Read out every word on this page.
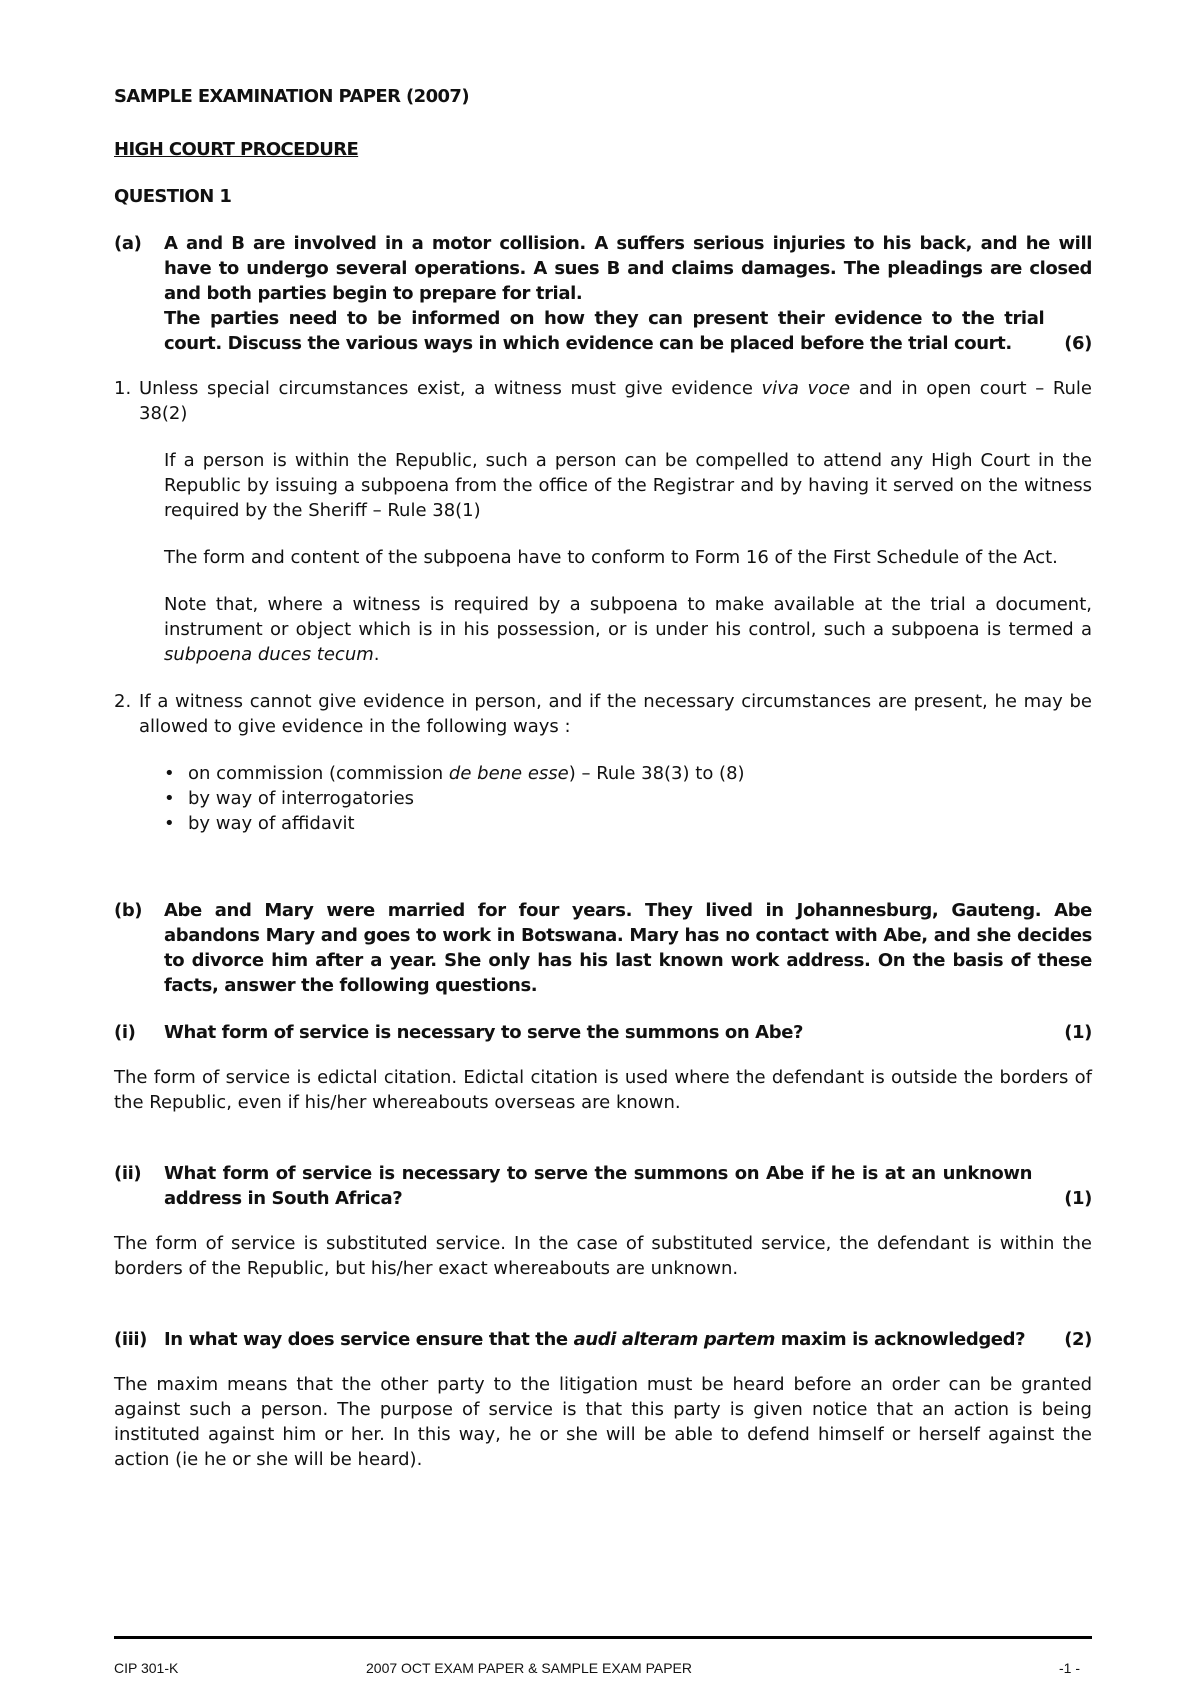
SAMPLE EXAMINATION PAPER (2007)
HIGH COURT PROCEDURE
QUESTION 1
(a)	A and B are involved in a motor collision. A suffers serious injuries to his back, and he will have to undergo several operations. A sues B and claims damages. The pleadings are closed and both parties begin to prepare for trial.
The parties need to be informed on how they can present their evidence to the trial court. Discuss the various ways in which evidence can be placed before the trial court.	(6)
1. Unless special circumstances exist, a witness must give evidence viva voce and in open court – Rule 38(2)
If a person is within the Republic, such a person can be compelled to attend any High Court in the Republic by issuing a subpoena from the office of the Registrar and by having it served on the witness required by the Sheriff – Rule 38(1)
The form and content of the subpoena have to conform to Form 16 of the First Schedule of the Act.
Note that, where a witness is required by a subpoena to make available at the trial a document, instrument or object which is in his possession, or is under his control, such a subpoena is termed a subpoena duces tecum.
2. If a witness cannot give evidence in person, and if the necessary circumstances are present, he may be allowed to give evidence in the following ways :
• on commission (commission de bene esse) – Rule 38(3) to (8)
• by way of interrogatories
• by way of affidavit
(b)	Abe and Mary were married for four years. They lived in Johannesburg, Gauteng. Abe abandons Mary and goes to work in Botswana. Mary has no contact with Abe, and she decides to divorce him after a year. She only has his last known work address. On the basis of these facts, answer the following questions.
(i)	What form of service is necessary to serve the summons on Abe?	(1)
The form of service is edictal citation. Edictal citation is used where the defendant is outside the borders of the Republic, even if his/her whereabouts overseas are known.
(ii)	What form of service is necessary to serve the summons on Abe if he is at an unknown address in South Africa?	(1)
The form of service is substituted service. In the case of substituted service, the defendant is within the borders of the Republic, but his/her exact whereabouts are unknown.
(iii) In what way does service ensure that the audi alteram partem maxim is acknowledged?	(2)
The maxim means that the other party to the litigation must be heard before an order can be granted against such a person. The purpose of service is that this party is given notice that an action is being instituted against him or her. In this way, he or she will be able to defend himself or herself against the action (ie he or she will be heard).
CIP 301-K	2007 OCT EXAM PAPER & SAMPLE EXAM PAPER	-1 -
